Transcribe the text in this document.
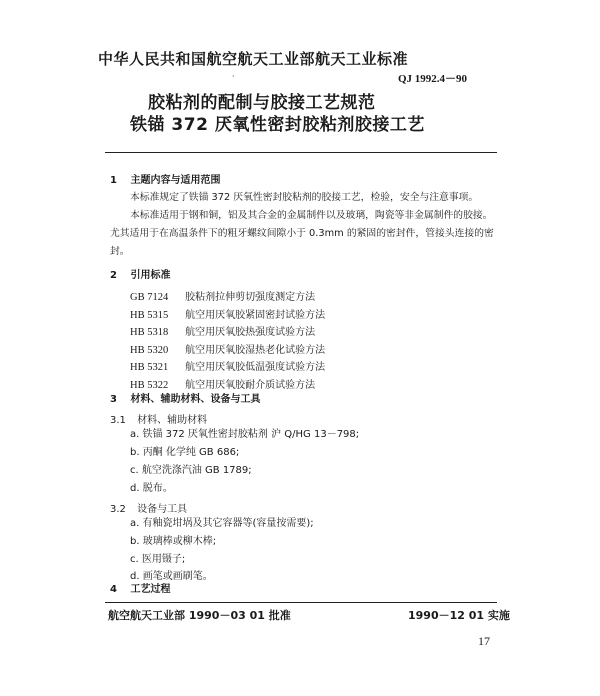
中华人民共和国航空航天工业部航天工业标准
·	QJ 1992.4－90
胶粘剂的配制与胶接工艺规范
铁锚 372 厌氧性密封胶粘剂胶接工艺
1 主题内容与适用范围
本标准规定了铁锚 372 厌氧性密封胶粘剂的胶接工艺，检验，安全与注意事项。
本标准适用于钢和铜，铝及其合金的金属制件以及玻璃，陶瓷等非金属制件的胶接。
尤其适用于在高温条件下的粗牙螺纹间隙小于 0.3mm 的紧固的密封件，管接头连接的密
封。
2 引用标准
GB 7124 胶粘剂拉伸剪切强度测定方法
HB 5315 航空用厌氧胶紧固密封试验方法
HB 5318 航空用厌氧胶热强度试验方法
HB 5320 航空用厌氧胶湿热老化试验方法
HB 5321 航空用厌氧胶低温强度试验方法
HB 5322 航空用厌氧胶耐介质试验方法
3 材料、辅助材料、设备与工具
3.1 材料、辅助材料
a. 铁锚 372 厌氧性密封胶粘剂 沪 Q/HG 13－798;
b. 丙酮 化学纯 GB 686;
c. 航空洗涤汽油 GB 1789;
d. 脱布。
3.2 设备与工具
a. 有釉瓷坩埚及其它容器等(容量按需要);
b. 玻璃棒或柳木棒;
c. 医用镊子;
d. 画笔或画刷笔。
4 工艺过程
航空航天工业部 1990－03 01 批准	1990－12 01 实施
17
